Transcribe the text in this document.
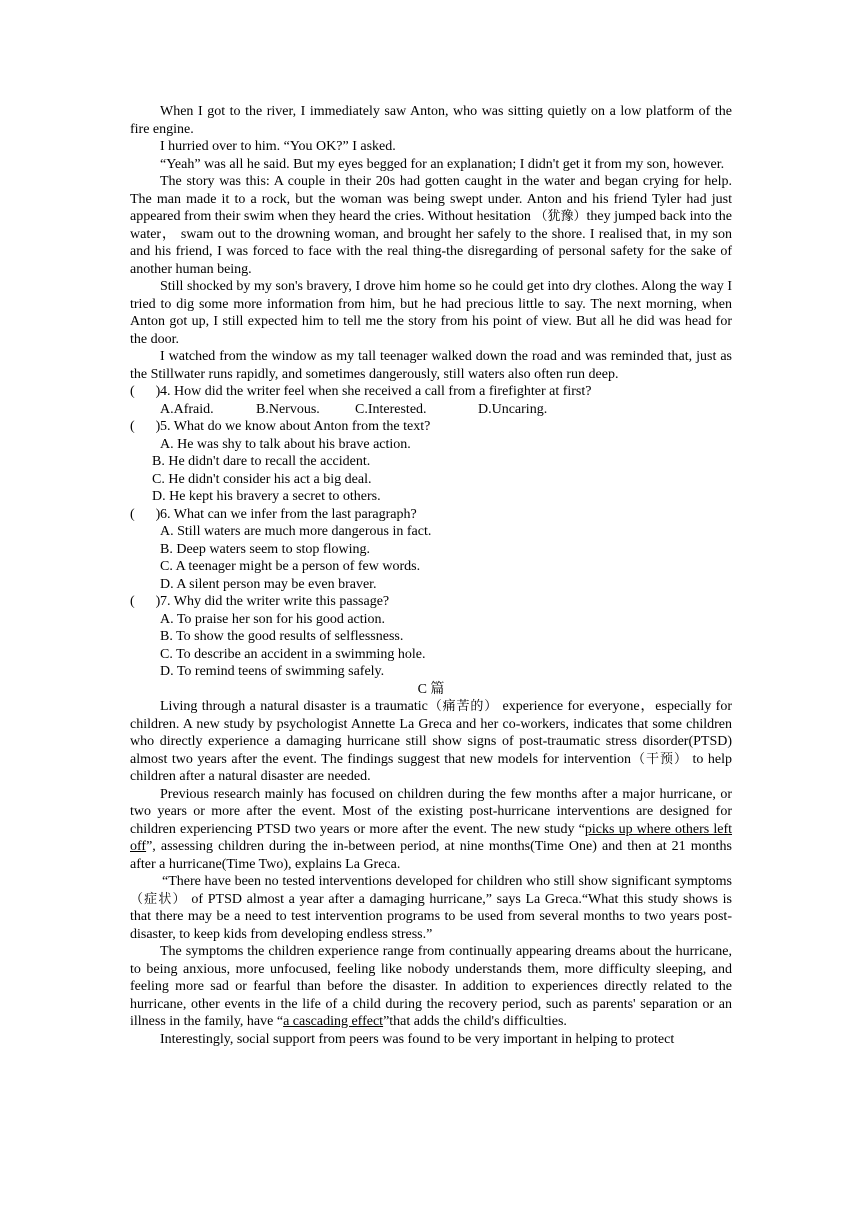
When I got to the river, I immediately saw Anton, who was sitting quietly on a low platform of the fire engine.

I hurried over to him. “You OK?” I asked.

“Yeah” was all he said. But my eyes begged for an explanation; I didn't get it from my son, however.

The story was this: A couple in their 20s had gotten caught in the water and began crying for help. The man made it to a rock, but the woman was being swept under. Anton and his friend Tyler had just appeared from their swim when they heard the cries. Without hesitation （犹豫）they jumped back into the water， swam out to the drowning woman, and brought her safely to the shore. I realised that, in my son and his friend, I was forced to face with the real thing-the disregarding of personal safety for the sake of another human being.

Still shocked by my son's bravery, I drove him home so he could get into dry clothes. Along the way I tried to dig some more information from him, but he had precious little to say. The next morning, when Anton got up, I still expected him to tell me the story from his point of view. But all he did was head for the door.

I watched from the window as my tall teenager walked down the road and was reminded that, just as the Stillwater runs rapidly, and sometimes dangerously, still waters also often run deep.

(      ) 4. How did the writer feel when she received a call from a firefighter at first?
A.Afraid.	B.Nervous.	C.Interested.	D.Uncaring.
(      ) 5. What do we know about Anton from the text?

A. He was shy to talk about his brave action.

B. He didn't dare to recall the accident.

C. He didn't consider his act a big deal.

D. He kept his bravery a secret to others.

(      ) 6. What can we infer from the last paragraph?

A. Still waters are much more dangerous in fact.

B. Deep waters seem to stop flowing.

C. A teenager might be a person of few words.

D. A silent person may be even braver.

(      ) 7. Why did the writer write this passage?

A. To praise her son for his good action.

B. To show the good results of selflessness.

C. To describe an accident in a swimming hole.

D. To remind teens of swimming safely.

C 篇

Living through a natural disaster is a traumatic（痛苦的） experience for everyone，especially for children. A new study by psychologist Annette La Greca and her co-workers, indicates that some children who directly experience a damaging hurricane still show signs of post-traumatic stress disorder(PTSD) almost two years after the event. The findings suggest that new models for intervention（干预） to help children after a natural disaster are needed.

Previous research mainly has focused on children during the few months after a major hurricane, or two years or more after the event. Most of the existing post-hurricane interventions are designed for children experiencing PTSD two years or more after the event. The new study “picks up where others left off”, assessing children during the in-between period, at nine months(Time One) and then at 21 months after a hurricane(Time Two), explains La Greca.

“There have been no tested interventions developed for children who still show significant symptoms（症状） of PTSD almost a year after a damaging hurricane,” says La Greca.“What this study shows is that there may be a need to test intervention programs to be used from several months to two years post-disaster, to keep kids from developing endless stress.”

The symptoms the children experience range from continually appearing dreams about the hurricane, to being anxious, more unfocused, feeling like nobody understands them, more difficulty sleeping, and feeling more sad or fearful than before the disaster. In addition to experiences directly related to the hurricane, other events in the life of a child during the recovery period, such as parents' separation or an illness in the family, have “a cascading effect”that adds the child's difficulties.

Interestingly, social support from peers was found to be very important in helping to protect
